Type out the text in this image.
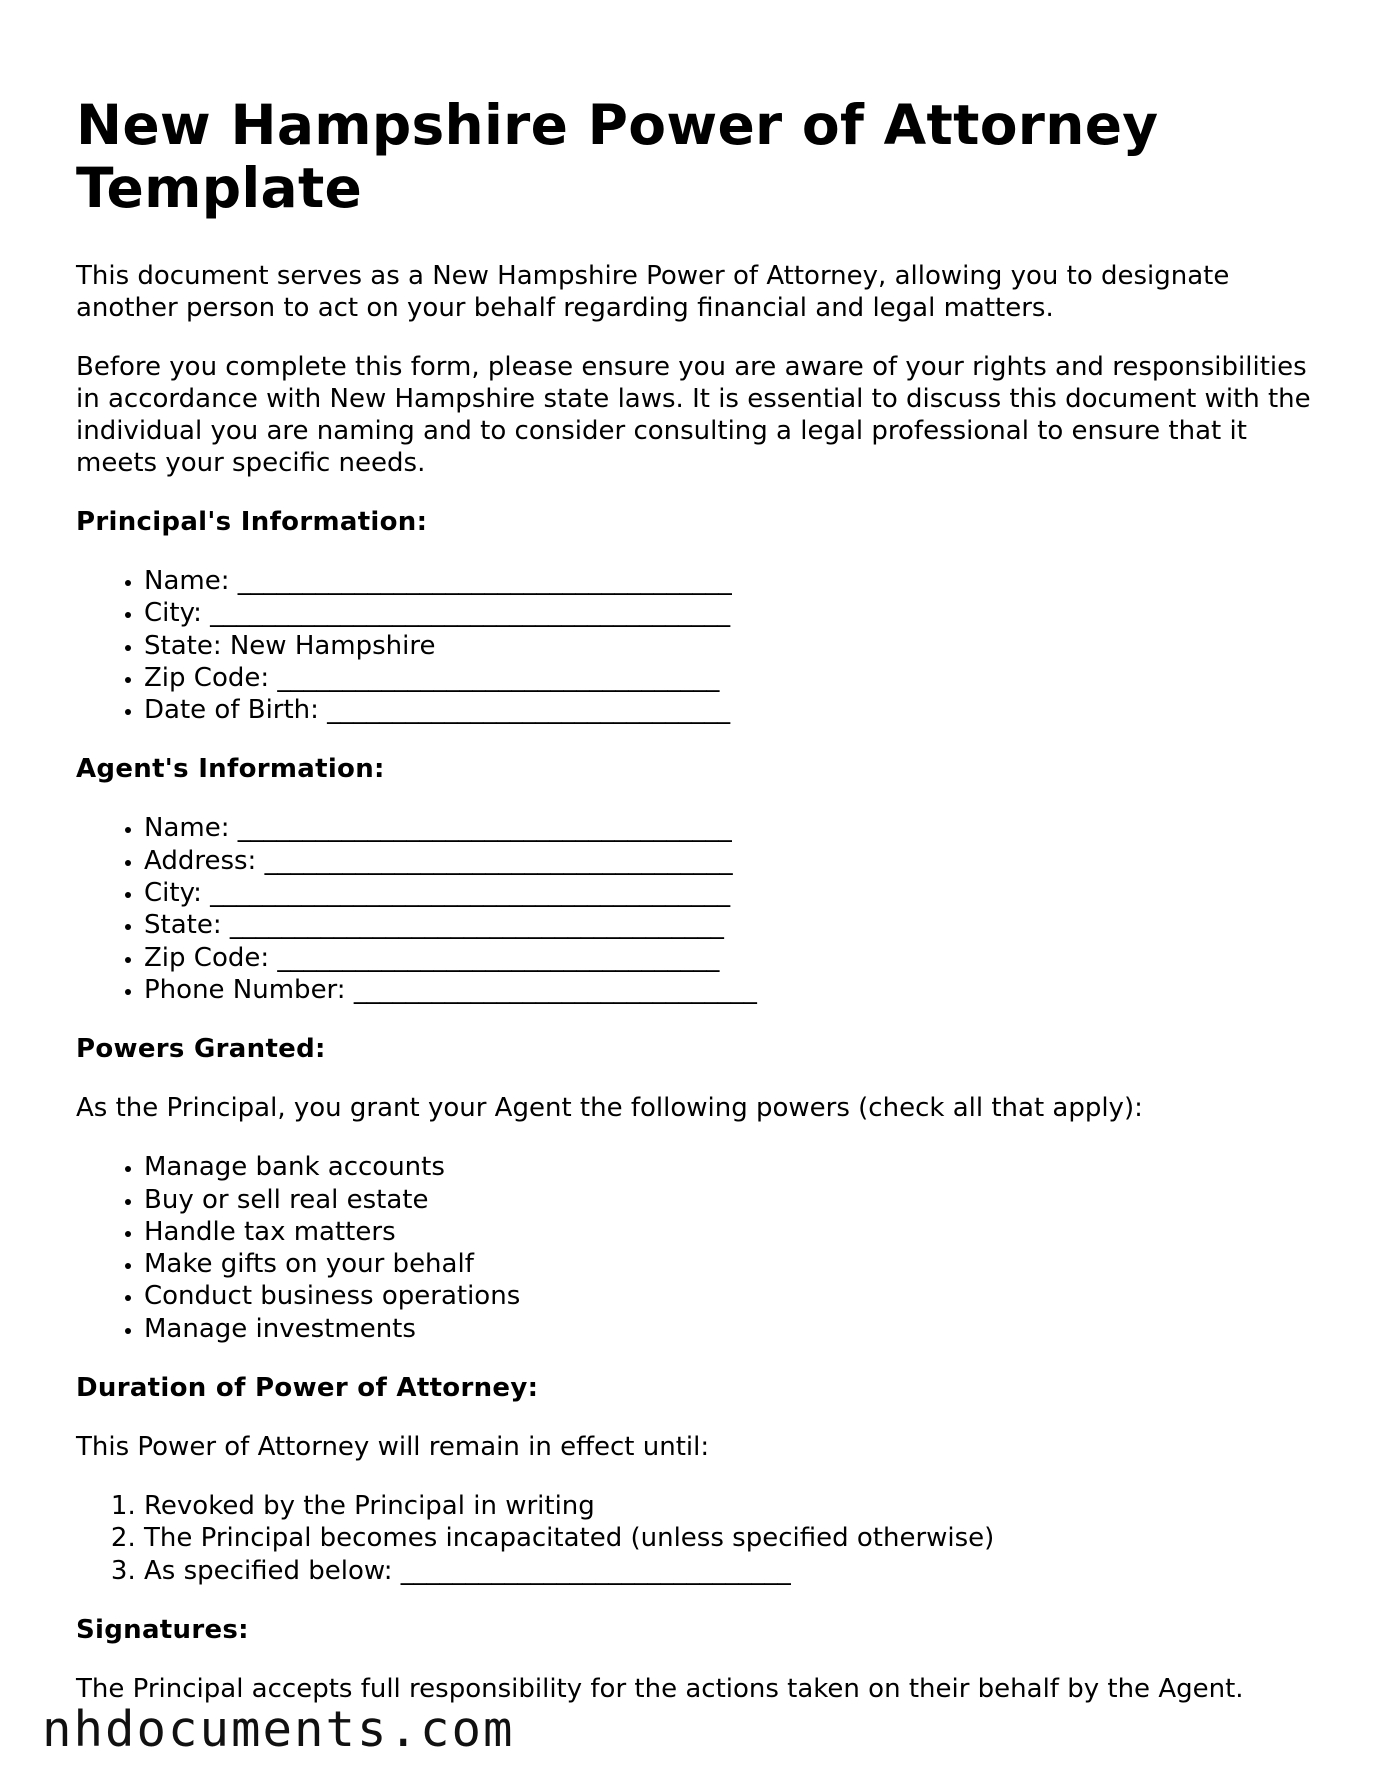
New Hampshire Power of Attorney Template

This document serves as a New Hampshire Power of Attorney, allowing you to designate another person to act on your behalf regarding financial and legal matters.

Before you complete this form, please ensure you are aware of your rights and responsibilities in accordance with New Hampshire state laws. It is essential to discuss this document with the individual you are naming and to consider consulting a legal professional to ensure that it meets your specific needs.

Principal's Information:
• Name: ______________________________________
• City: ________________________________________
• State: New Hampshire
• Zip Code: __________________________________
• Date of Birth: _______________________________
Agent's Information:
• Name: ______________________________________
• Address: ____________________________________
• City: ________________________________________
• State: ______________________________________
• Zip Code: __________________________________
• Phone Number: _______________________________
Powers Granted:

As the Principal, you grant your Agent the following powers (check all that apply):

• Manage bank accounts
• Buy or sell real estate
• Handle tax matters
• Make gifts on your behalf
• Conduct business operations
• Manage investments
Duration of Power of Attorney:

This Power of Attorney will remain in effect until:

1. Revoked by the Principal in writing
2. The Principal becomes incapacitated (unless specified otherwise)
3. As specified below: ______________________________
Signatures:

The Principal accepts full responsibility for the actions taken on their behalf by the Agent.

nhdocuments.com
